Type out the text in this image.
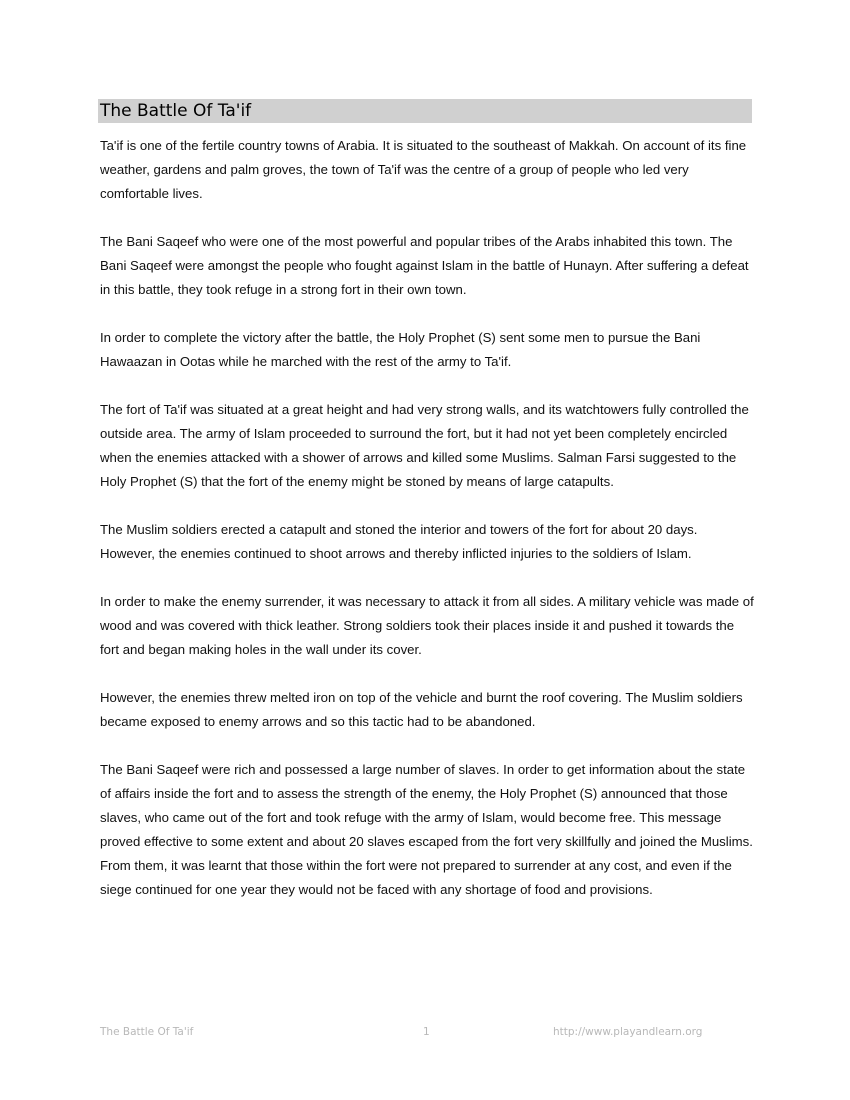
The Battle Of Ta'if

Ta'if is one of the fertile country towns of Arabia. It is situated to the southeast of Makkah. On account of its fine weather, gardens and palm groves, the town of Ta'if was the centre of a group of people who led very comfortable lives.

The Bani Saqeef who were one of the most powerful and popular tribes of the Arabs inhabited this town. The Bani Saqeef were amongst the people who fought against Islam in the battle of Hunayn. After suffering a defeat in this battle, they took refuge in a strong fort in their own town.

In order to complete the victory after the battle, the Holy Prophet (S) sent some men to pursue the Bani Hawaazan in Ootas while he marched with the rest of the army to Ta'if.

The fort of Ta'if was situated at a great height and had very strong walls, and its watchtowers fully controlled the outside area. The army of Islam proceeded to surround the fort, but it had not yet been completely encircled when the enemies attacked with a shower of arrows and killed some Muslims. Salman Farsi suggested to the Holy Prophet (S) that the fort of the enemy might be stoned by means of large catapults.

The Muslim soldiers erected a catapult and stoned the interior and towers of the fort for about 20 days. However, the enemies continued to shoot arrows and thereby inflicted injuries to the soldiers of Islam.

In order to make the enemy surrender, it was necessary to attack it from all sides. A military vehicle was made of wood and was covered with thick leather. Strong soldiers took their places inside it and pushed it towards the fort and began making holes in the wall under its cover.

However, the enemies threw melted iron on top of the vehicle and burnt the roof covering. The Muslim soldiers became exposed to enemy arrows and so this tactic had to be abandoned.

The Bani Saqeef were rich and possessed a large number of slaves. In order to get information about the state of affairs inside the fort and to assess the strength of the enemy, the Holy Prophet (S) announced that those slaves, who came out of the fort and took refuge with the army of Islam, would become free. This message proved effective to some extent and about 20 slaves escaped from the fort very skillfully and joined the Muslims. From them, it was learnt that those within the fort were not prepared to surrender at any cost, and even if the siege continued for one year they would not be faced with any shortage of food and provisions.

The Battle Of Ta'if	1	http://www.playandlearn.org
